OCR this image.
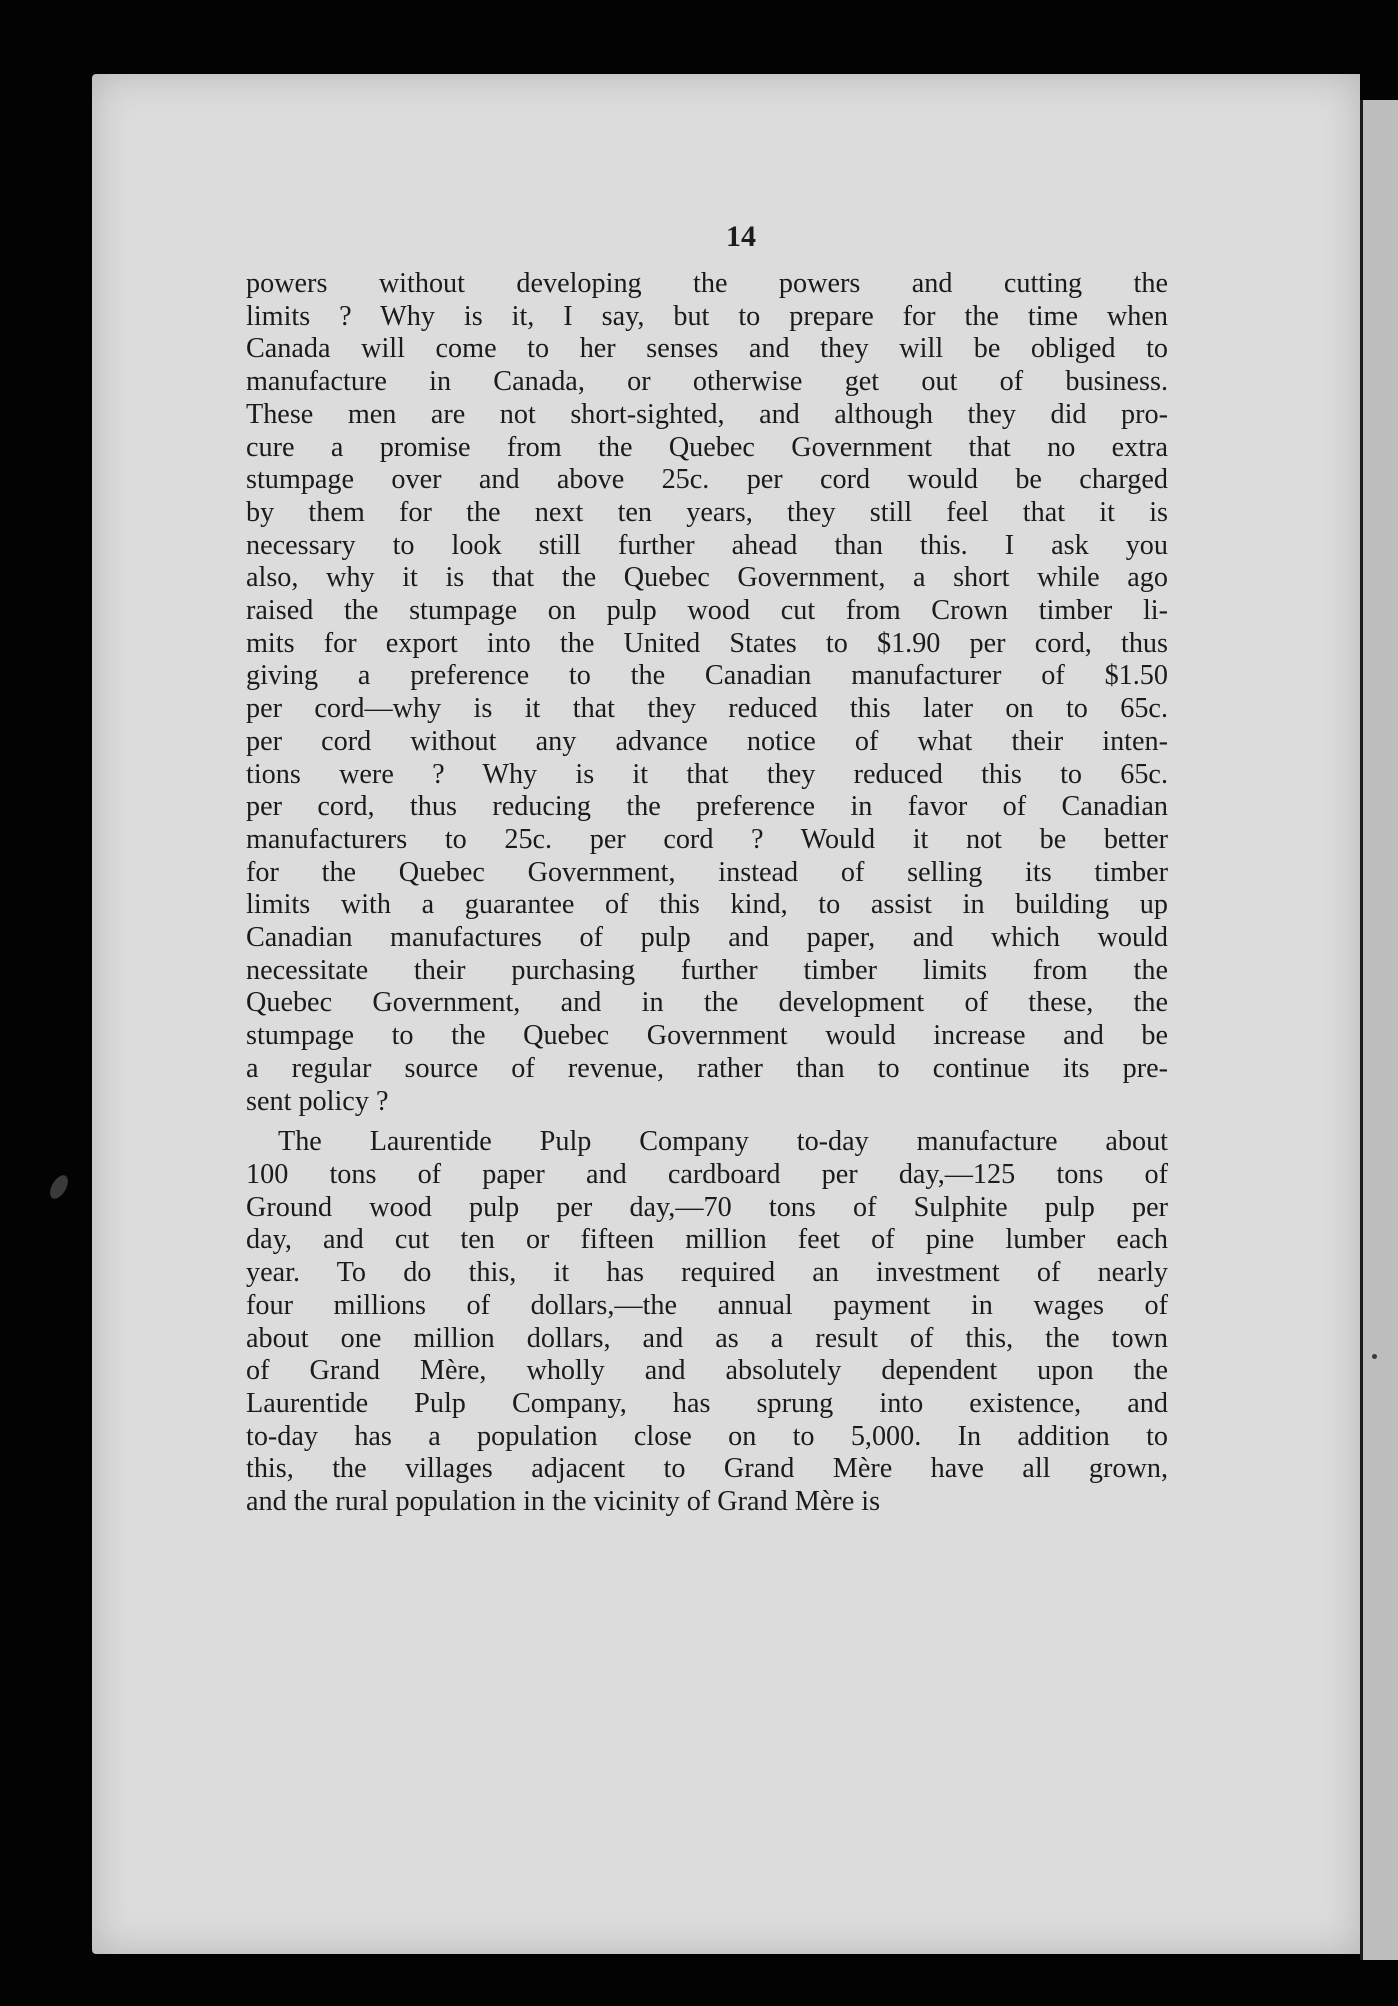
14

powers without developing the powers and cutting the
limits ? Why is it, I say, but to prepare for the time when
Canada will come to her senses and they will be obliged to
manufacture in Canada, or otherwise get out of business.
These men are not short-sighted, and although they did pro-
cure a promise from the Quebec Government that no extra
stumpage over and above 25c. per cord would be charged
by them for the next ten years, they still feel that it is
necessary to look still further ahead than this. I ask you
also, why it is that the Quebec Government, a short while ago
raised the stumpage on pulp wood cut from Crown timber li-
mits for export into the United States to $1.90 per cord, thus
giving a preference to the Canadian manufacturer of $1.50
per cord—why is it that they reduced this later on to 65c.
per cord without any advance notice of what their inten-
tions were ? Why is it that they reduced this to 65c.
per cord, thus reducing the preference in favor of Canadian
manufacturers to 25c. per cord ? Would it not be better
for the Quebec Government, instead of selling its timber
limits with a guarantee of this kind, to assist in building up
Canadian manufactures of pulp and paper, and which would
necessitate their purchasing further timber limits from the
Quebec Government, and in the development of these, the
stumpage to the Quebec Government would increase and be
a regular source of revenue, rather than to continue its pre-
sent policy ?

The Laurentide Pulp Company to-day manufacture about
100 tons of paper and cardboard per day,—125 tons of
Ground wood pulp per day,—70 tons of Sulphite pulp per
day, and cut ten or fifteen million feet of pine lumber each
year. To do this, it has required an investment of nearly
four millions of dollars,—the annual payment in wages of
about one million dollars, and as a result of this, the town
of Grand Mère, wholly and absolutely dependent upon the
Laurentide Pulp Company, has sprung into existence, and
to-day has a population close on to 5,000. In addition to
this, the villages adjacent to Grand Mère have all grown,
and the rural population in the vicinity of Grand Mère is
